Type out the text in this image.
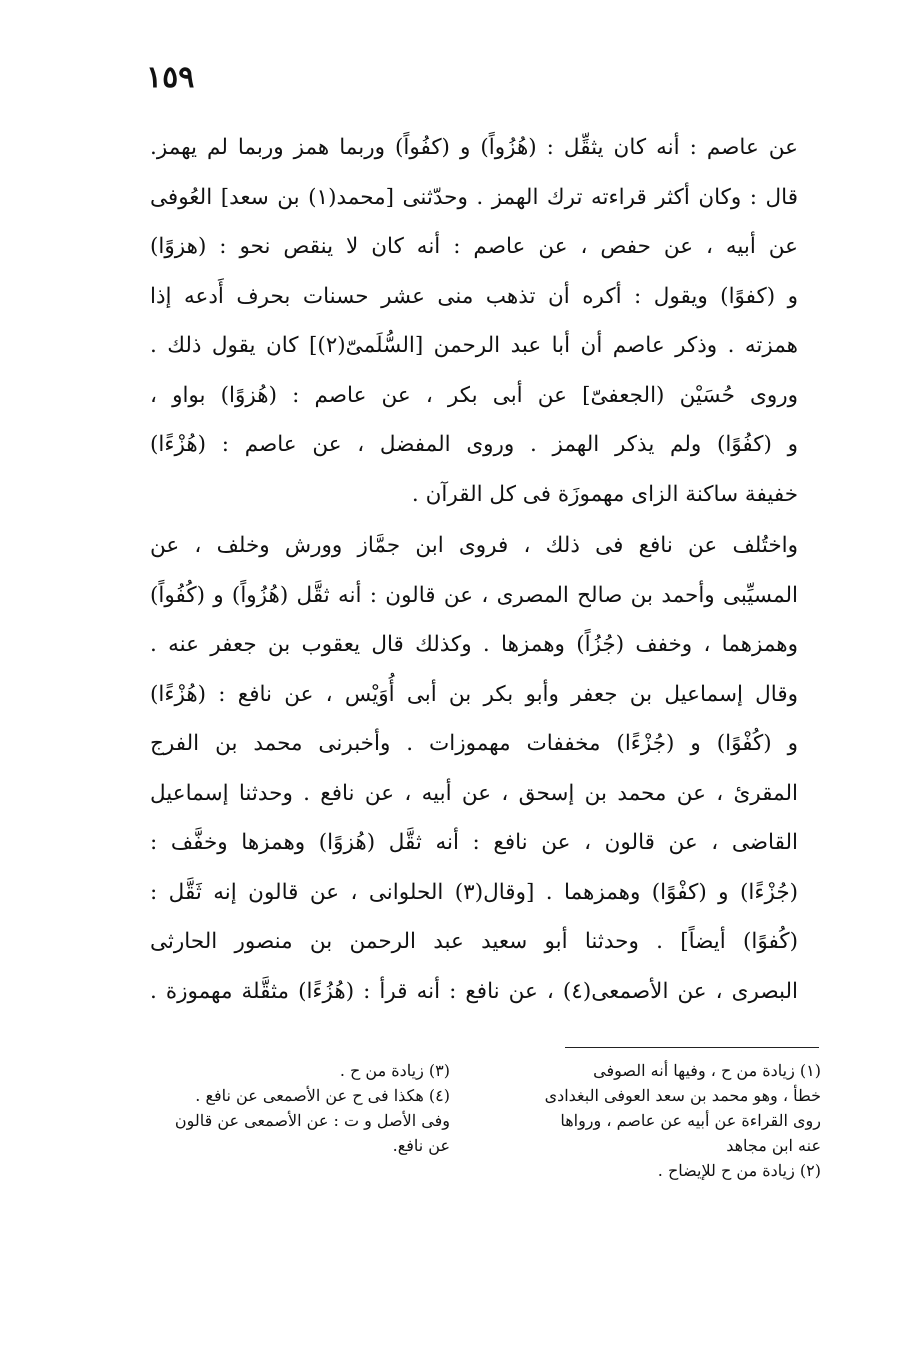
١٥٩
عن عاصم : أنه كان يثقِّل : (هُزُواً) و (كفُواً) وربما همز وربما لم يهمز.
قال : وكان أكثر قراءته ترك الهمز . وحدّثنى [محمد(١) بن سعد] العُوفى
عن أبيه ، عن حفص ، عن عاصم : أنه كان لا ينقص نحو : (هزوًا)
و (كفوًا) ويقول : أكره أن تذهب منى عشر حسنات بحرف أَدعه إذا
همزته . وذكر عاصم أن أبا عبد الرحمن [السُّلَمىّ(٢)] كان يقول ذلك .
وروى حُسَيْن (الجعفىّ] عن أبى بكر ، عن عاصم : (هُزوًا) بواو ،
و (كفُوًا) ولم يذكر الهمز . وروى المفضل ، عن عاصم : (هُزْءًا)
خفيفة ساكنة الزاى مهموزَة فى كل القرآن .
واختُلف عن نافع فى ذلك ، فروى ابن جمَّاز وورش وخلف ، عن
المسيِّبى وأحمد بن صالح المصرى ، عن قالون : أنه ثقَّل (هُزُواً) و (كُفُواً)
وهمزهما ، وخفف (جُزُاً) وهمزها . وكذلك قال يعقوب بن جعفر عنه .
وقال إسماعيل بن جعفر وأبو بكر بن أبى أُوَيْس ، عن نافع : (هُزْءًا)
و (كُفْوًا) و (جُزْءًا) مخففات مهموزات . وأخبرنى محمد بن الفرج
المقرئ ، عن محمد بن إسحق ، عن أبيه ، عن نافع . وحدثنا إسماعيل
القاضى ، عن قالون ، عن نافع : أنه ثقَّل (هُزوًا) وهمزها وخفَّف :
(جُزْءًا) و (كفْوًا) وهمزهما . [وقال(٣) الحلوانى ، عن قالون إنه ثَقَّل :
(كُفوًا) أيضاً] . وحدثنا أبو سعيد عبد الرحمن بن منصور الحارثى
البصرى ، عن الأصمعى(٤) ، عن نافع : أنه قرأ : (هُزُءًا) مثقَّلة مهموزة .
(١) زيادة من ح ، وفيها أنه الصوفى
خطأ ، وهو محمد بن سعد العوفى البغدادى
روى القراءة عن أبيه عن عاصم ، ورواها
عنه ابن مجاهد
(٢) زيادة من ح للإيضاح .
(٣) زيادة من ح .
(٤) هكذا فى ح عن الأصمعى عن نافع .
وفى الأصل و ت : عن الأصمعى عن قالون
عن نافع.
